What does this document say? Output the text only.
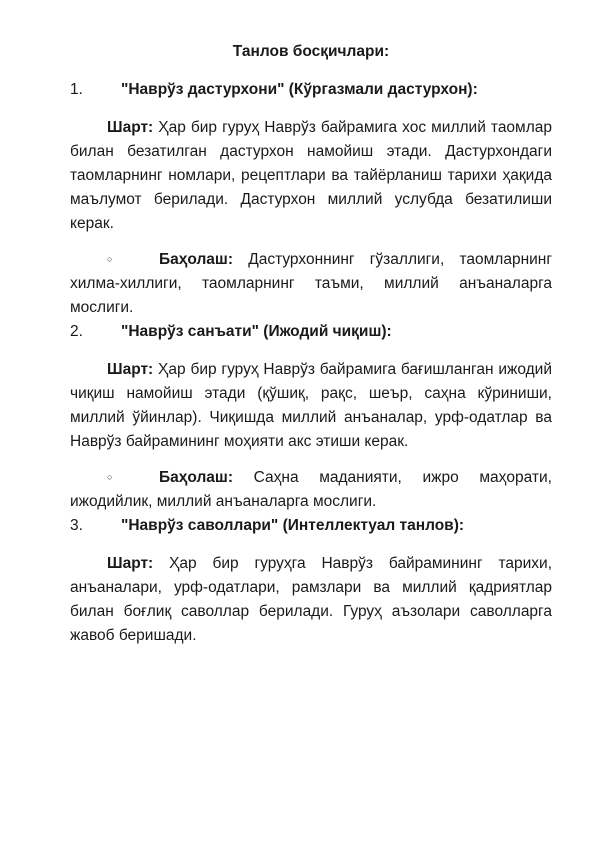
Танлов босқичлари:

1. "Наврўз дастурхони" (Кўргазмали дастурхон):

Шарт: Ҳар бир гуруҳ Наврўз байрамига хос миллий таомлар билан безатилган дастурхон намойиш этади. Дастурхондаги таомларнинг номлари, рецептлари ва тайёрланиш тарихи ҳақида маълумот берилади. Дастурхон миллий услубда безатилиши керак.

○	Баҳолаш: Дастурхоннинг гўзаллиги, таомларнинг хилма-хиллиги, таомларнинг таъми, миллий анъаналарга мослиги.

2. "Наврўз санъати" (Ижодий чиқиш):

Шарт: Ҳар бир гуруҳ Наврўз байрамига бағишланган ижодий чиқиш намойиш этади (қўшиқ, рақс, шеър, саҳна кўриниши, миллий ўйинлар). Чиқишда миллий анъаналар, урф-одатлар ва Наврўз байрамининг моҳияти акс этиши керак.

○	Баҳолаш: Саҳна маданияти, ижро маҳорати, ижодийлик, миллий анъаналарга мослиги.

3. "Наврўз саволлари" (Интеллектуал танлов):

Шарт: Ҳар бир гуруҳга Наврўз байрамининг тарихи, анъаналари, урф-одатлари, рамзлари ва миллий қадриятлар билан боғлиқ саволлар берилади. Гуруҳ аъзолари саволларга жавоб беришади.
